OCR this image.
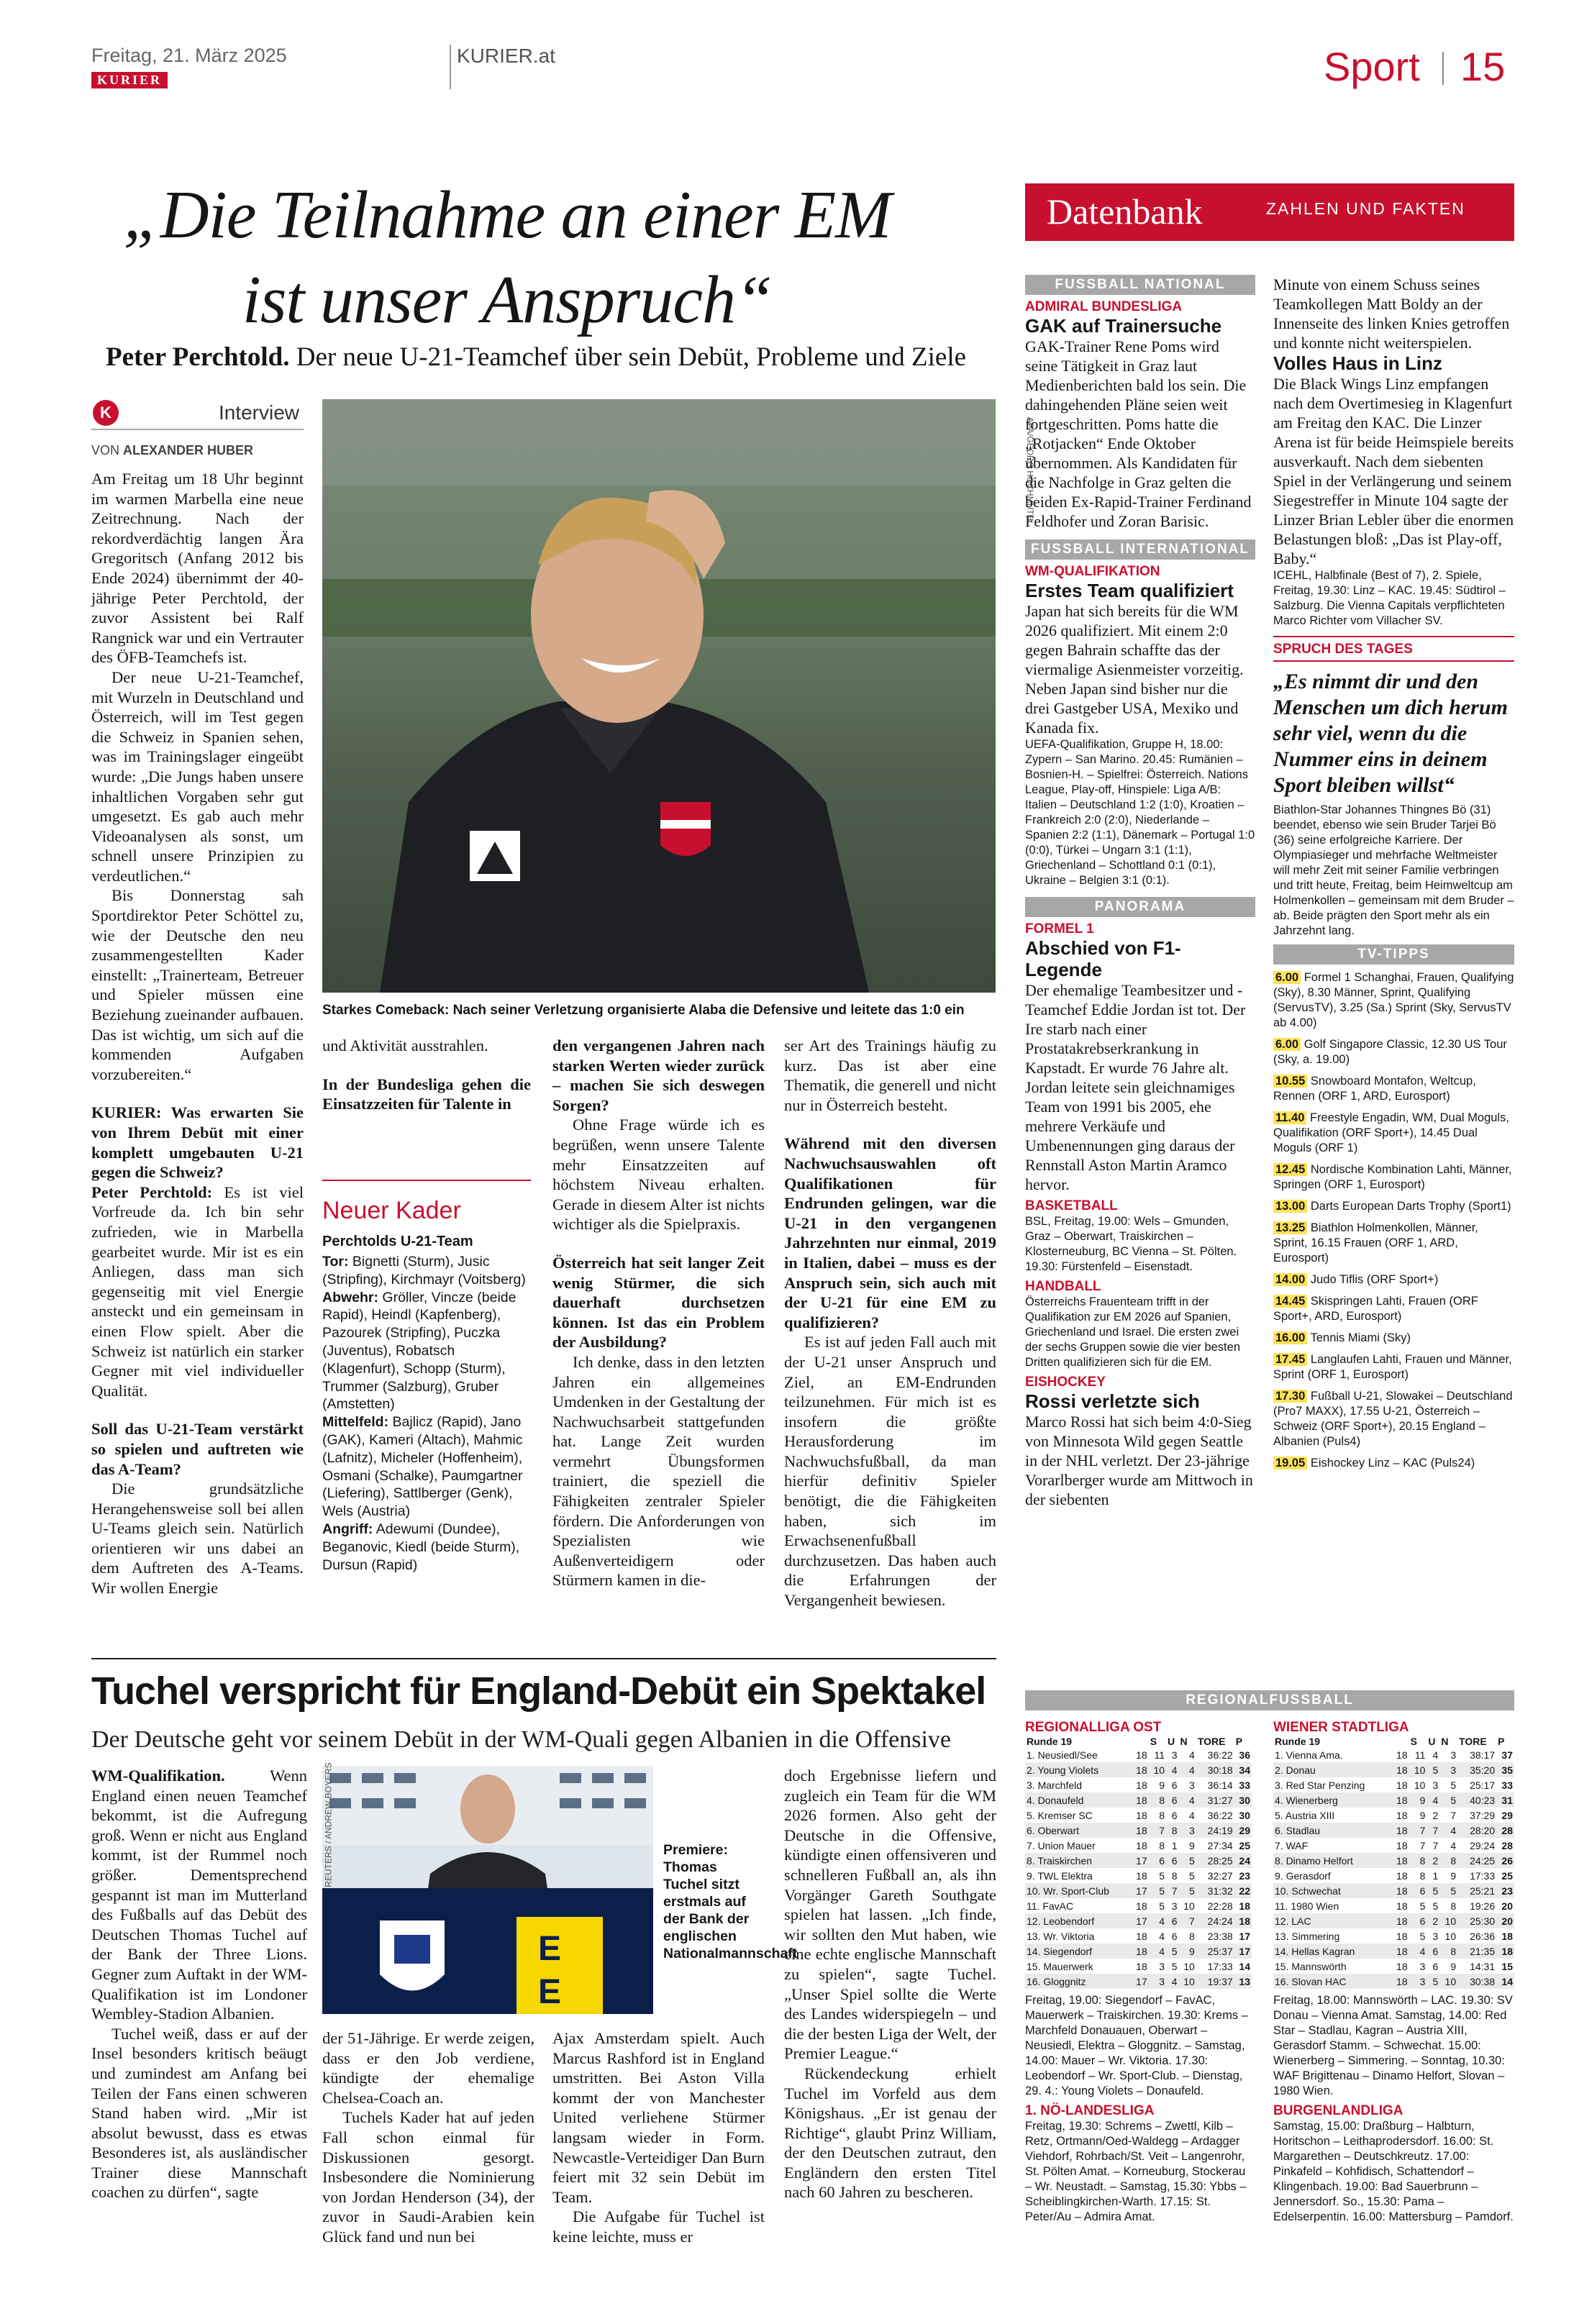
Freitag, 21. März 2025
KURIER
KURIER.at	Sport 15
„Die Teilnahme an einer EM
ist unser Anspruch“
Peter Perchtold. Der neue U-21-Teamchef über sein Debüt, Probleme und Ziele
K	Interview
VON ALEXANDER HUBER

Am Freitag um 18 Uhr beginnt im warmen Marbella eine neue Zeitrechnung. Nach der rekordverdächtig langen Ära Gregoritsch (Anfang 2012 bis Ende 2024) übernimmt der 40-jährige Peter Perchtold, der zuvor Assistent bei Ralf Rangnick war und ein Vertrauter des ÖFB-Teamchefs ist.

Der neue U-21-Teamchef, mit Wurzeln in Deutschland und Österreich, will im Test gegen die Schweiz in Spanien sehen, was im Trainingslager eingeübt wurde: „Die Jungs haben unsere inhaltlichen Vorgaben sehr gut umgesetzt. Es gab auch mehr Videoanalysen als sonst, um schnell unsere Prinzipien zu verdeutlichen.“

Bis Donnerstag sah Sportdirektor Peter Schöttel zu, wie der Deutsche den neu zusammengestellten Kader einstellt: „Trainerteam, Betreuer und Spieler müssen eine Beziehung zueinander aufbauen. Das ist wichtig, um sich auf die kommenden Aufgaben vorzubereiten.“

KURIER: Was erwarten Sie von Ihrem Debüt mit einer komplett umgebauten U-21 gegen die Schweiz?

Peter Perchtold: Es ist viel Vorfreude da. Ich bin sehr zufrieden, wie in Marbella gearbeitet wurde. Mir ist es ein Anliegen, dass man sich gegenseitig mit viel Energie ansteckt und ein gemeinsam in einen Flow spielt. Aber die Schweiz ist natürlich ein starker Gegner mit viel individueller Qualität.

Soll das U-21-Team verstärkt so spielen und auftreten wie das A-Team?

Die grundsätzliche Herangehensweise soll bei allen U-Teams gleich sein. Natürlich orientieren wir uns dabei an dem Auftreten des A-Teams. Wir wollen Energie

APA/GEORG HOCHMUTH
Starkes Comeback: Nach seiner Verletzung organisierte Alaba die Defensive und leitete das 1:0 ein

und Aktivität ausstrahlen.

In der Bundesliga gehen die Einsatzzeiten für Talente in

Neuer Kader
Perchtolds U-21-Team
Tor: Bignetti (Sturm), Jusic (Stripfing), Kirchmayr (Voitsberg)
Abwehr: Gröller, Vincze (beide Rapid), Heindl (Kapfenberg), Pazourek (Stripfing), Puczka (Juventus), Robatsch (Klagenfurt), Schopp (Sturm), Trummer (Salzburg), Gruber (Amstetten)
Mittelfeld: Bajlicz (Rapid), Jano (GAK), Kameri (Altach), Mahmic (Lafnitz), Micheler (Hoffenheim), Osmani (Schalke), Paumgartner (Liefering), Sattlberger (Genk), Wels (Austria)
Angriff: Adewumi (Dundee), Beganovic, Kiedl (beide Sturm), Dursun (Rapid)

den vergangenen Jahren nach starken Werten wieder zurück – machen Sie sich deswegen Sorgen?

Ohne Frage würde ich es begrüßen, wenn unsere Talente mehr Einsatzzeiten auf höchstem Niveau erhalten. Gerade in diesem Alter ist nichts wichtiger als die Spielpraxis.

Österreich hat seit langer Zeit wenig Stürmer, die sich dauerhaft durchsetzen können. Ist das ein Problem der Ausbildung?

Ich denke, dass in den letzten Jahren ein allgemeines Umdenken in der Gestaltung der Nachwuchsarbeit stattgefunden hat. Lange Zeit wurden vermehrt Übungsformen trainiert, die speziell die Fähigkeiten zentraler Spieler fördern. Die Anforderungen von Spezialisten wie Außenverteidigern oder Stürmern kamen in die-

ser Art des Trainings häufig zu kurz. Das ist aber eine Thematik, die generell und nicht nur in Österreich besteht.

Während mit den diversen Nachwuchsauswahlen oft Qualifikationen für Endrunden gelingen, war die U-21 in den vergangenen Jahrzehnten nur einmal, 2019 in Italien, dabei – muss es der Anspruch sein, sich auch mit der U-21 für eine EM zu qualifizieren?

Es ist auf jeden Fall auch mit der U-21 unser Anspruch und Ziel, an EM-Endrunden teilzunehmen. Für mich ist es insofern die größte Herausforderung im Nachwuchsfußball, da man hierfür definitiv Spieler benötigt, die die Fähigkeiten haben, sich im Erwachsenenfußball durchzusetzen. Das haben auch die Erfahrungen der Vergangenheit bewiesen.

Datenbank	ZAHLEN UND FAKTEN
FUSSBALL NATIONAL
ADMIRAL BUNDESLIGA
GAK auf Trainersuche
GAK-Trainer Rene Poms wird seine Tätigkeit in Graz laut Medienberichten bald los sein. Die dahingehenden Pläne seien weit fortgeschritten. Poms hatte die „Rotjacken“ Ende Oktober übernommen. Als Kandidaten für die Nachfolge in Graz gelten die beiden Ex-Rapid-Trainer Ferdinand Feldhofer und Zoran Barisic.
FUSSBALL INTERNATIONAL
WM-QUALIFIKATION
Erstes Team qualifiziert
Japan hat sich bereits für die WM 2026 qualifiziert. Mit einem 2:0 gegen Bahrain schaffte das der viermalige Asienmeister vorzeitig. Neben Japan sind bisher nur die drei Gastgeber USA, Mexiko und Kanada fix.
UEFA-Qualifikation, Gruppe H, 18.00: Zypern – San Marino. 20.45: Rumänien – Bosnien-H. – Spielfrei: Österreich. Nations League, Play-off, Hinspiele: Liga A/B: Italien – Deutschland 1:2 (1:0), Kroatien – Frankreich 2:0 (2:0), Niederlande – Spanien 2:2 (1:1), Dänemark – Portugal 1:0 (0:0), Türkei – Ungarn 3:1 (1:1), Griechenland – Schottland 0:1 (0:1), Ukraine – Belgien 3:1 (0:1).
PANORAMA
FORMEL 1
Abschied von F1-Legende
Der ehemalige Teambesitzer und -Teamchef Eddie Jordan ist tot. Der Ire starb nach einer Prostatakrebserkrankung in Kapstadt. Er wurde 76 Jahre alt. Jordan leitete sein gleichnamiges Team von 1991 bis 2005, ehe mehrere Verkäufe und Umbenennungen ging daraus der Rennstall Aston Martin Aramco hervor.
BASKETBALL
BSL, Freitag, 19.00: Wels – Gmunden, Graz – Oberwart, Traiskirchen – Klosterneuburg, BC Vienna – St. Pölten. 19.30: Fürstenfeld – Eisenstadt.
HANDBALL
Österreichs Frauenteam trifft in der Qualifikation zur EM 2026 auf Spanien, Griechenland und Israel. Die ersten zwei der sechs Gruppen sowie die vier besten Dritten qualifizieren sich für die EM.
EISHOCKEY
Rossi verletzte sich
Marco Rossi hat sich beim 4:0-Sieg von Minnesota Wild gegen Seattle in der NHL verletzt. Der 23-jährige Vorarlberger wurde am Mittwoch in der siebenten
Minute von einem Schuss seines Teamkollegen Matt Boldy an der Innenseite des linken Knies getroffen und konnte nicht weiterspielen.
Volles Haus in Linz
Die Black Wings Linz empfangen nach dem Overtimesieg in Klagenfurt am Freitag den KAC. Die Linzer Arena ist für beide Heimspiele bereits ausverkauft. Nach dem siebenten Spiel in der Verlängerung und seinem Siegestreffer in Minute 104 sagte der Linzer Brian Lebler über die enormen Belastungen bloß: „Das ist Play-off, Baby.“
ICEHL, Halbfinale (Best of 7), 2. Spiele, Freitag, 19.30: Linz – KAC. 19.45: Südtirol – Salzburg. Die Vienna Capitals verpflichteten Marco Richter vom Villacher SV.
SPRUCH DES TAGES
„Es nimmt dir und den Menschen um dich herum sehr viel, wenn du die Nummer eins in deinem Sport bleiben willst“
Biathlon-Star Johannes Thingnes Bö (31) beendet, ebenso wie sein Bruder Tarjei Bö (36) seine erfolgreiche Karriere. Der Olympiasieger und mehrfache Weltmeister will mehr Zeit mit seiner Familie verbringen und tritt heute, Freitag, beim Heimweltcup am Holmenkollen – gemeinsam mit dem Bruder – ab. Beide prägten den Sport mehr als ein Jahrzehnt lang.
TV-TIPPS
6.00 Formel 1 Schanghai, Frauen, Qualifying (Sky), 8.30 Männer, Sprint, Qualifying (ServusTV), 3.25 (Sa.) Sprint (Sky, ServusTV ab 4.00)
6.00 Golf Singapore Classic, 12.30 US Tour (Sky, a. 19.00)
10.55 Snowboard Montafon, Weltcup, Rennen (ORF 1, ARD, Eurosport)
11.40 Freestyle Engadin, WM, Dual Moguls, Qualifikation (ORF Sport+), 14.45 Dual Moguls (ORF 1)
12.45 Nordische Kombination Lahti, Männer, Springen (ORF 1, Eurosport)
13.00 Darts European Darts Trophy (Sport1)
13.25 Biathlon Holmenkollen, Männer, Sprint, 16.15 Frauen (ORF 1, ARD, Eurosport)
14.00 Judo Tiflis (ORF Sport+)
14.45 Skispringen Lahti, Frauen (ORF Sport+, ARD, Eurosport)
16.00 Tennis Miami (Sky)
17.45 Langlaufen Lahti, Frauen und Männer, Sprint (ORF 1, Eurosport)
17.30 Fußball U-21, Slowakei – Deutschland (Pro7 MAXX), 17.55 U-21, Österreich – Schweiz (ORF Sport+), 20.15 England – Albanien (Puls4)
19.05 Eishockey Linz – KAC (Puls24)
Tuchel verspricht für England-Debüt ein Spektakel
Der Deutsche geht vor seinem Debüt in der WM-Quali gegen Albanien in die Offensive

WM-Qualifikation.	Wenn England einen neuen Teamchef bekommt, ist die Aufregung groß. Wenn er nicht aus England kommt, ist der Rummel noch größer. Dementsprechend gespannt ist man im Mutterland des Fußballs auf das Debüt des Deutschen Thomas Tuchel auf der Bank der Three Lions. Gegner zum Auftakt in der WM-Qualifikation ist im Londoner Wembley-Stadion Albanien.

Tuchel weiß, dass er auf der Insel besonders kritisch beäugt und zumindest am Anfang bei Teilen der Fans einen schweren Stand haben wird. „Mir ist absolut bewusst, dass es etwas Besonderes ist, als ausländischer Trainer diese Mannschaft coachen zu dürfen“, sagte

E
E
REUTERS / ANDREW BOYERS	Premiere: Thomas Tuchel sitzt erstmals auf der Bank der englischen Nationalmannschaft

der 51-Jährige. Er werde zeigen, dass er den Job verdiene, kündigte der ehemalige Chelsea-Coach an.

Tuchels Kader hat auf jeden Fall schon einmal für Diskussionen gesorgt. Insbesondere die Nominierung von Jordan Henderson (34), der zuvor in Saudi-Arabien kein Glück fand und nun bei

Ajax Amsterdam spielt. Auch Marcus Rashford ist in England umstritten. Bei Aston Villa kommt der von Manchester United verliehene Stürmer langsam wieder in Form. Newcastle-Verteidiger Dan Burn feiert mit 32 sein Debüt im Team.

Die Aufgabe für Tuchel ist keine leichte, muss er

doch Ergebnisse liefern und zugleich ein Team für die WM 2026 formen. Also geht der Deutsche in die Offensive, kündigte einen offensiveren und schnelleren Fußball an, als ihn Vorgänger Gareth Southgate spielen hat lassen. „Ich finde, wir sollten den Mut haben, wie eine echte englische Mannschaft zu spielen“, sagte Tuchel. „Unser Spiel sollte die Werte des Landes widerspiegeln – und die der besten Liga der Welt, der Premier League.“

Rückendeckung erhielt Tuchel im Vorfeld aus dem Königshaus. „Er ist genau der Richtige“, glaubt Prinz William, der den Deutschen zutraut, den Engländern den ersten Titel nach 60 Jahren zu bescheren.

REGIONALFUSSBALL
REGIONALLIGA OST
Runde 19		S	U	N	TORE	P
1. Neusiedl/See	18	11	3	4	36:22	36
2. Young Violets	18	10	4	4	30:18	34
3. Marchfeld	18	9	6	3	36:14	33
4. Donaufeld	18	8	6	4	31:27	30
5. Kremser SC	18	8	6	4	36:22	30
6. Oberwart	18	7	8	3	24:19	29
7. Union Mauer	18	8	1	9	27:34	25
8. Traiskirchen	17	6	6	5	28:25	24
9. TWL Elektra	18	5	8	5	32:27	23
10. Wr. Sport-Club	17	5	7	5	31:32	22
11. FavAC	18	5	3	10	22:28	18
12. Leobendorf	17	4	6	7	24:24	18
13. Wr. Viktoria	18	4	6	8	23:38	17
14. Siegendorf	18	4	5	9	25:37	17
15. Mauerwerk	18	3	5	10	17:33	14
16. Gloggnitz	17	3	4	10	19:37	13
Freitag, 19.00: Siegendorf – FavAC, Mauerwerk – Traiskirchen. 19.30: Krems – Marchfeld Donauauen, Oberwart – Neusiedl, Elektra – Gloggnitz. – Samstag, 14.00: Mauer – Wr. Viktoria. 17.30: Leobendorf – Wr. Sport-Club. – Dienstag, 29. 4.: Young Violets – Donaufeld.
1. NÖ-LANDESLIGA
Freitag, 19.30: Schrems – Zwettl, Kilb – Retz, Ortmann/Oed-Waldegg – Ardagger Viehdorf, Rohrbach/St. Veit – Langenrohr, St. Pölten Amat. – Korneuburg, Stockerau – Wr. Neustadt. – Samstag, 15.30: Ybbs – Scheiblingkirchen-Warth. 17.15: St. Peter/Au – Admira Amat.
WIENER STADTLIGA
Runde 19		S	U	N	TORE	P
1. Vienna Ama.	18	11	4	3	38:17	37
2. Donau	18	10	5	3	35:20	35
3. Red Star Penzing	18	10	3	5	25:17	33
4. Wienerberg	18	9	4	5	40:23	31
5. Austria XIII	18	9	2	7	37:29	29
6. Stadlau	18	7	7	4	28:20	28
7. WAF	18	7	7	4	29:24	28
8. Dinamo Helfort	18	8	2	8	24:25	26
9. Gerasdorf	18	8	1	9	17:33	25
10. Schwechat	18	6	5	5	25:21	23
11. 1980 Wien	18	5	5	8	19:26	20
12. LAC	18	6	2	10	25:30	20
13. Simmering	18	5	3	10	26:36	18
14. Hellas Kagran	18	4	6	8	21:35	18
15. Mannswörth	18	3	6	9	14:31	15
16. Slovan HAC	18	3	5	10	30:38	14
Freitag, 18.00: Mannswörth – LAC. 19.30: SV Donau – Vienna Amat. Samstag, 14.00: Red Star – Stadlau, Kagran – Austria XIII, Gerasdorf Stamm. – Schwechat. 15.00: Wienerberg – Simmering. – Sonntag, 10.30: WAF Brigittenau – Dinamo Helfort, Slovan – 1980 Wien.
BURGENLANDLIGA
Samstag, 15.00: Draßburg – Halbturn, Horitschon – Leithaprodersdorf. 16.00: St. Margarethen – Deutschkreutz. 17.00: Pinkafeld – Kohfidisch, Schattendorf – Klingenbach. 19.00: Bad Sauerbrunn – Jennersdorf. So., 15.30: Pama – Edelserpentin. 16.00: Mattersburg – Pamdorf.
